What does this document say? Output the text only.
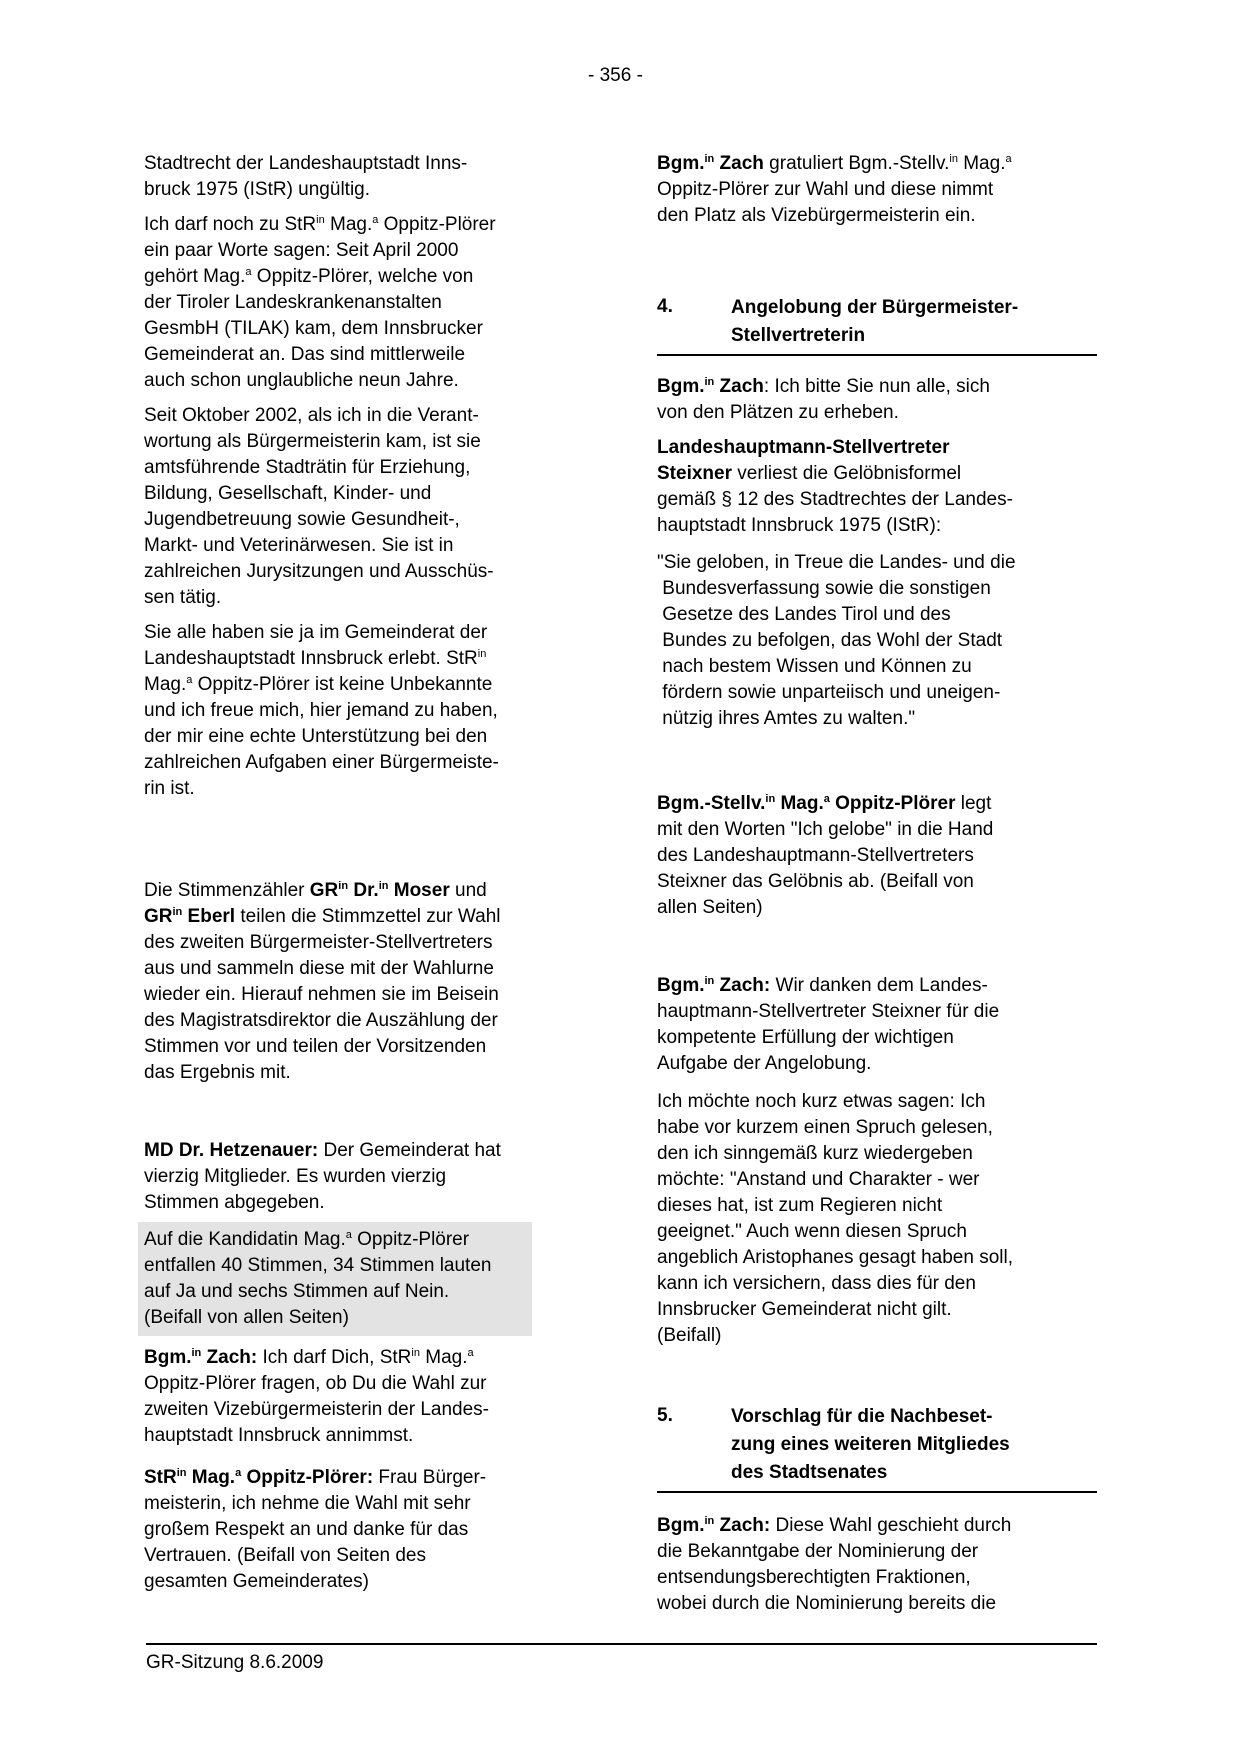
- 356 -
Stadtrecht der Landeshauptstadt Inns-
bruck 1975 (IStR) ungültig.
Ich darf noch zu StR$^{in}$ Mag.$^a$ Oppitz-Plörer
ein paar Worte sagen: Seit April 2000
gehört Mag.$^a$ Oppitz-Plörer, welche von
der Tiroler Landeskrankenanstalten
GesmbH (TILAK) kam, dem Innsbrucker
Gemeinderat an. Das sind mittlerweile
auch schon unglaubliche neun Jahre.
Seit Oktober 2002, als ich in die Verant-
wortung als Bürgermeisterin kam, ist sie
amtsführende Stadträtin für Erziehung,
Bildung, Gesellschaft, Kinder- und
Jugendbetreuung sowie Gesundheit-,
Markt- und Veterinärwesen. Sie ist in
zahlreichen Jurysitzungen und Ausschüs-
sen tätig.
Sie alle haben sie ja im Gemeinderat der
Landeshauptstadt Innsbruck erlebt. StR$^{in}$
Mag.$^a$ Oppitz-Plörer ist keine Unbekannte
und ich freue mich, hier jemand zu haben,
der mir eine echte Unterstützung bei den
zahlreichen Aufgaben einer Bürgermeiste-
rin ist.
Die Stimmenzähler $GR^{in}$ Dr.$^{in}$ Moser und
$GR^{in}$ Eberl teilen die Stimmzettel zur Wahl
des zweiten Bürgermeister-Stellvertreters
aus und sammeln diese mit der Wahlurne
wieder ein. Hierauf nehmen sie im Beisein
des Magistratsdirektor die Auszählung der
Stimmen vor und teilen der Vorsitzenden
das Ergebnis mit.
MD Dr. Hetzenauer: Der Gemeinderat hat
vierzig Mitglieder. Es wurden vierzig
Stimmen abgegeben.
Auf die Kandidatin Mag.$^a$ Oppitz-Plörer
entfallen 40 Stimmen, 34 Stimmen lauten
auf Ja und sechs Stimmen auf Nein.
(Beifall von allen Seiten)
Bgm.$^{in}$ Zach: Ich darf Dich, StR$^{in}$ Mag.$^a$
Oppitz-Plörer fragen, ob Du die Wahl zur
zweiten Vizebürgermeisterin der Landes-
hauptstadt Innsbruck annimmst.
StR$^{in}$ Mag.$^a$ Oppitz-Plörer: Frau Bürger-
meisterin, ich nehme die Wahl mit sehr
großem Respekt an und danke für das
Vertrauen. (Beifall von Seiten des
gesamten Gemeinderates)
Bgm.$^{in}$ Zach gratuliert Bgm.-Stellv.$^{in}$ Mag.$^a$
Oppitz-Plörer zur Wahl und diese nimmt
den Platz als Vizebürgermeisterin ein.
4.	Angelobung der Bürgermeister-
Stellvertreterin
Bgm.$^{in}$ Zach: Ich bitte Sie nun alle, sich
von den Plätzen zu erheben.
Landeshauptmann-Stellvertreter
Steixner verliest die Gelöbnisformel
gemäß § 12 des Stadtrechtes der Landes-
hauptstadt Innsbruck 1975 (IStR):
"Sie geloben, in Treue die Landes- und die
Bundesverfassung sowie die sonstigen
Gesetze des Landes Tirol und des
Bundes zu befolgen, das Wohl der Stadt
nach bestem Wissen und Können zu
fördern sowie unparteiisch und uneigen-
nützig ihres Amtes zu walten."
Bgm.-Stellv.$^{in}$ Mag.$^a$ Oppitz-Plörer legt
mit den Worten "Ich gelobe" in die Hand
des Landeshauptmann-Stellvertreters
Steixner das Gelöbnis ab. (Beifall von
allen Seiten)
Bgm.$^{in}$ Zach: Wir danken dem Landes-
hauptmann-Stellvertreter Steixner für die
kompetente Erfüllung der wichtigen
Aufgabe der Angelobung.
Ich möchte noch kurz etwas sagen: Ich
habe vor kurzem einen Spruch gelesen,
den ich sinngemäß kurz wiedergeben
möchte: "Anstand und Charakter - wer
dieses hat, ist zum Regieren nicht
geeignet." Auch wenn diesen Spruch
angeblich Aristophanes gesagt haben soll,
kann ich versichern, dass dies für den
Innsbrucker Gemeinderat nicht gilt.
(Beifall)
5.	Vorschlag für die Nachbeset-
zung eines weiteren Mitgliedes
des Stadtsenates
Bgm.$^{in}$ Zach: Diese Wahl geschieht durch
die Bekanntgabe der Nominierung der
entsendungsberechtigten Fraktionen,
wobei durch die Nominierung bereits die
GR-Sitzung 8.6.2009
